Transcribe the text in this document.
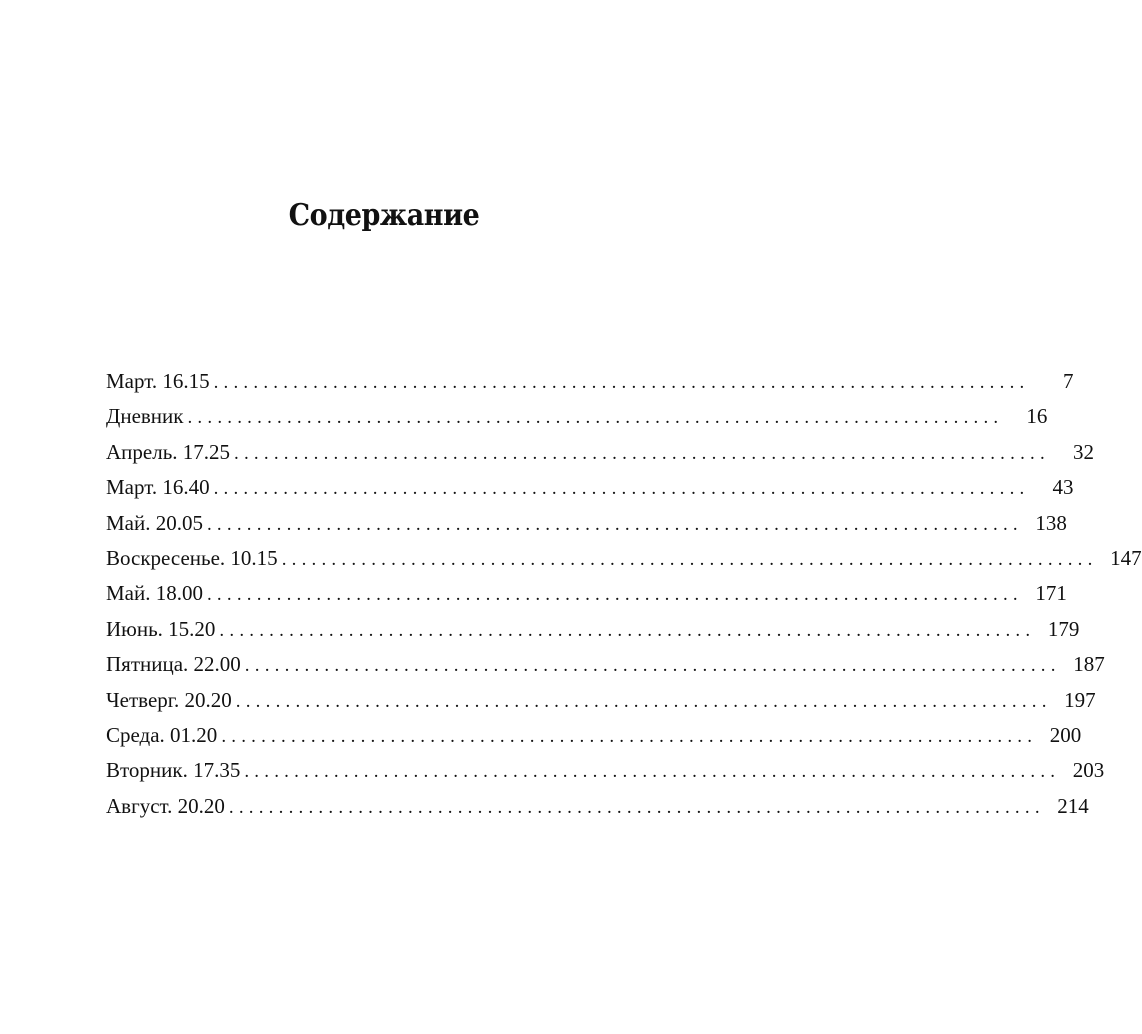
Содержание
Март. 16.15 ..................................................................................	7
Дневник ..................................................................................	16
Апрель. 17.25 ..................................................................................	32
Март. 16.40 ..................................................................................	43
Май. 20.05 .................................................................................. 138
Воскресенье. 10.15 .................................................................................. 147
Май. 18.00 .................................................................................. 171
Июнь. 15.20 .................................................................................. 179
Пятница. 22.00 .................................................................................. 187
Четверг. 20.20 .................................................................................. 197
Среда. 01.20 .................................................................................. 200
Вторник. 17.35 .................................................................................. 203
Август. 20.20 .................................................................................. 214
